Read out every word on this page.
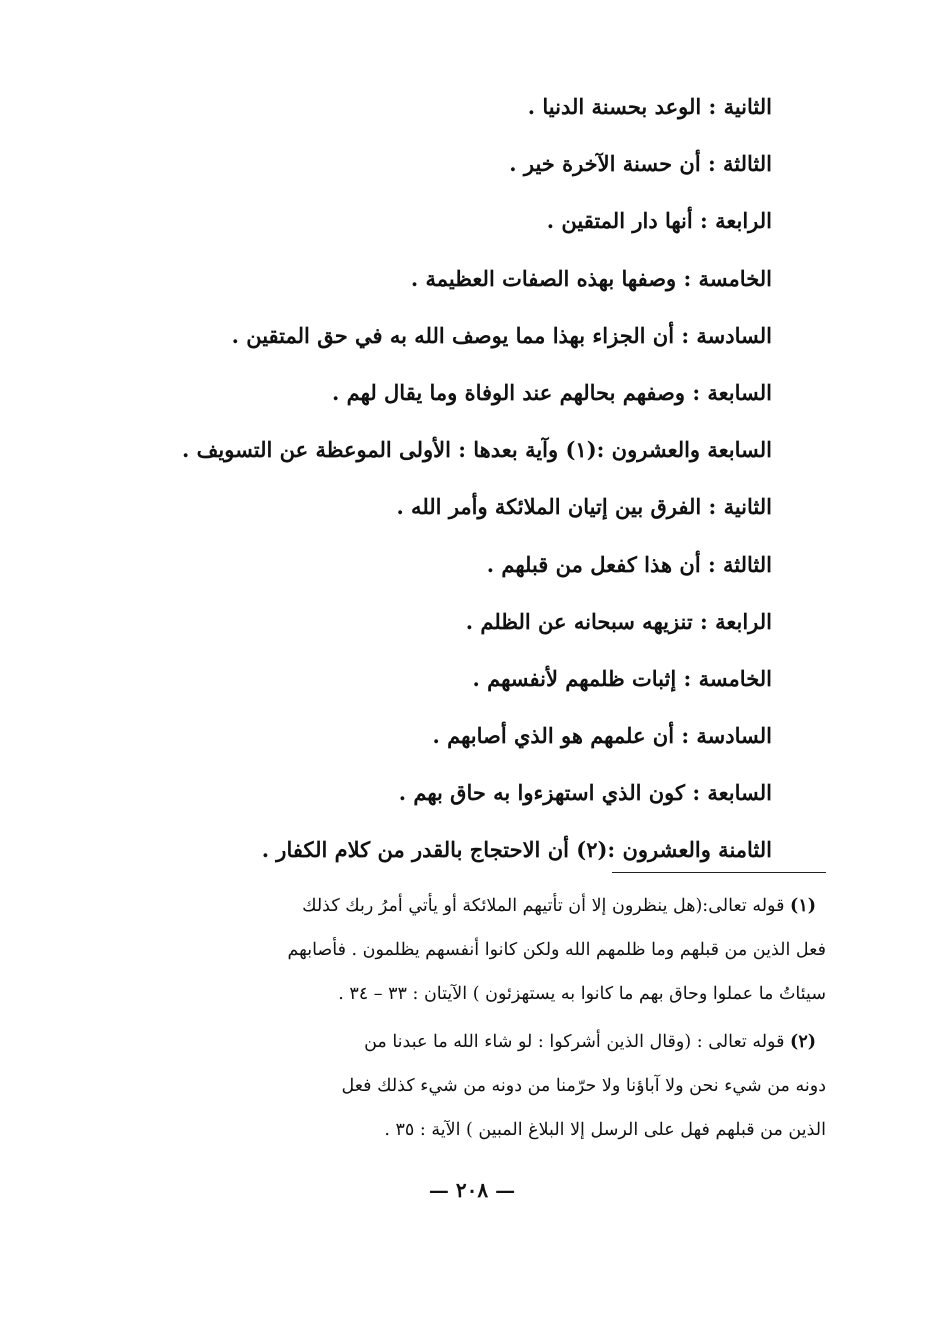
الثانية : الوعد بحسنة الدنيا .
الثالثة : أن حسنة الآخرة خير .
الرابعة : أنها دار المتقين .
الخامسة : وصفها بهذه الصفات العظيمة .
السادسة : أن الجزاء بهذا مما يوصف الله به في حق المتقين .
السابعة : وصفهم بحالهم عند الوفاة وما يقال لهم .
السابعة والعشرون :(١) وآية بعدها : الأولى الموعظة عن التسويف .
الثانية : الفرق بين إتيان الملائكة وأمر الله .
الثالثة : أن هذا كفعل من قبلهم .
الرابعة : تنزيهه سبحانه عن الظلم .
الخامسة : إثبات ظلمهم لأنفسهم .
السادسة : أن علمهم هو الذي أصابهم .
السابعة : كون الذي استهزءوا به حاق بهم .
الثامنة والعشرون :(٢) أن الاحتجاج بالقدر من كلام الكفار .
(١) قوله تعالى:(هل ينظرون إلا أن تأتيهم الملائكة أو يأتي أمرُ ربك كذلك
فعل الذين من قبلهم وما ظلمهم الله ولكن كانوا أنفسهم يظلمون . فأصابهم
سيئاتُ ما عملوا وحاق بهم ما كانوا به يستهزئون ) الآيتان : ٣٣ – ٣٤ .
(٢) قوله تعالى : (وقال الذين أشركوا : لو شاء الله ما عبدنا من
دونه من شيء نحن ولا آباؤنا ولا حرّمنا من دونه من شيء كذلك فعل
الذين من قبلهم فهل على الرسل إلا البلاغ المبين ) الآية : ٣٥ .
— ٢٠٨ —
